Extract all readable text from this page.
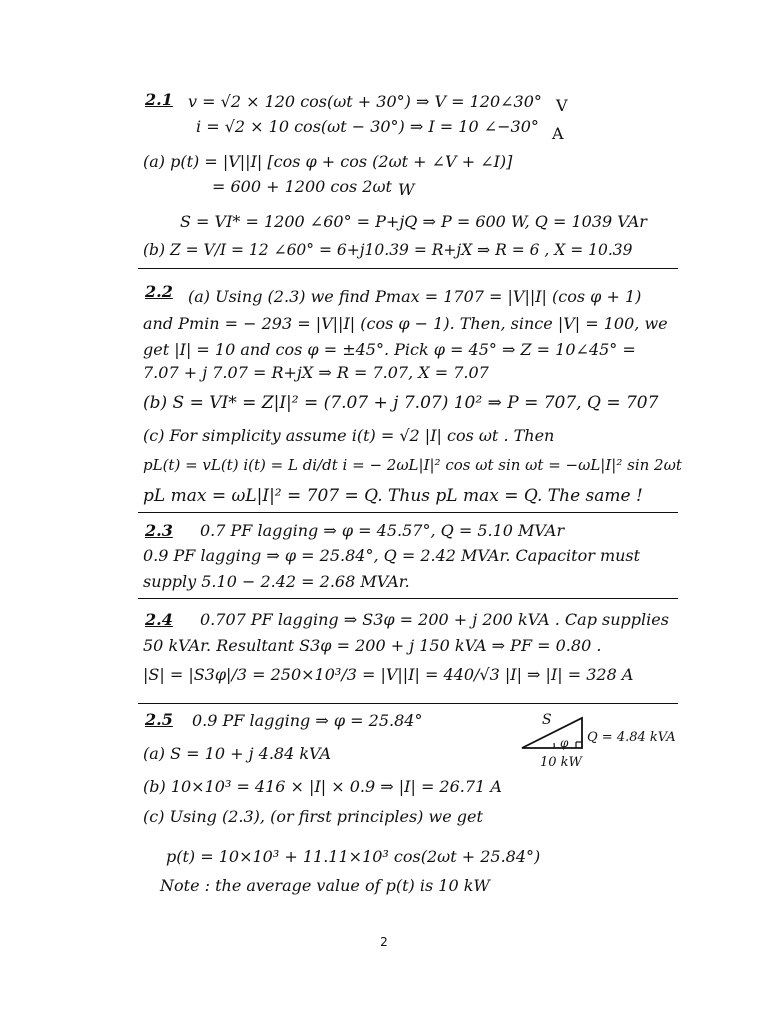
2.1 v = √2 × 120 cos(ωt + 30°) ⇒ V = 120∠30° V
i = √2 × 10 cos(ωt − 30°) ⇒ I = 10 ∠−30° A
(a) p(t) = |V||I| [cos φ + cos (2ωt + ∠V + ∠I)]
= 600 + 1200 cos 2ωt W
S = VI* = 1200 ∠60° = P+jQ ⇒ P = 600 W, Q = 1039 VAr
(b) Z = V/I = 12 ∠60° = 6+j10.39 = R+jX ⇒ R = 6 , X = 10.39
2.2 (a) Using (2.3) we find Pmax = 1707 = |V||I| (cos φ + 1)
and Pmin = − 293 = |V||I| (cos φ − 1). Then, since |V| = 100, we
get |I| = 10 and cos φ = ±45°. Pick φ = 45° ⇒ Z = 10∠45° =
7.07 + j 7.07 = R+jX ⇒ R = 7.07, X = 7.07
(b) S = VI* = Z|I|² = (7.07 + j 7.07) 10² ⇒ P = 707, Q = 707
(c) For simplicity assume i(t) = √2 |I| cos ωt . Then
pL(t) = vL(t) i(t) = L di/dt i = − 2ωL|I|² cos ωt sin ωt = −ωL|I|² sin 2ωt
pL max = ωL|I|² = 707 = Q. Thus pL max = Q. The same !
2.3 0.7 PF lagging ⇒ φ = 45.57°, Q = 5.10 MVAr
0.9 PF lagging ⇒ φ = 25.84°, Q = 2.42 MVAr. Capacitor must
supply 5.10 − 2.42 = 2.68 MVAr.
2.4 0.707 PF lagging ⇒ S3φ = 200 + j 200 kVA . Cap supplies
50 kVAr. Resultant S3φ = 200 + j 150 kVA ⇒ PF = 0.80 .
|S| = |S3φ|/3 = 250×10³/3 = |V||I| = 440/√3 |I| ⇒ |I| = 328 A
2.5 0.9 PF lagging ⇒ φ = 25.84°
(a) S = 10 + j 4.84 kVA
(b) 10×10³ = 416 × |I| × 0.9 ⇒ |I| = 26.71 A
(c) Using (2.3), (or first principles) we get
p(t) = 10×10³ + 11.11×10³ cos(2ωt + 25.84°)
Note : the average value of p(t) is 10 kW
S
φ Q = 4.84 kVA
10 kW
2
